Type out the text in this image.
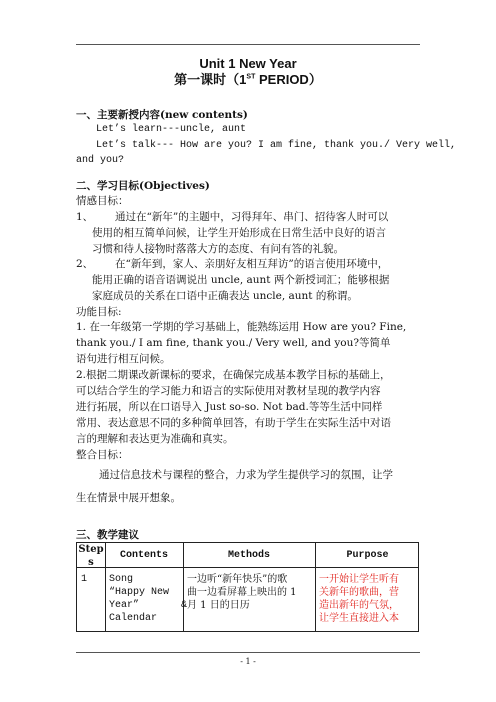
Unit 1 New Year
第一课时（1ST PERIOD）
一、主要新授内容(new contents)
Let’s learn---uncle, aunt
Let’s talk--- How are you? I am fine, thank you./ Very well,
and you?
二、学习目标(Objectives)
情感目标：
1、 通过在“新年”的主题中，习得拜年、串门、招待客人时可以
使用的相互简单问候，让学生开始形成在日常生活中良好的语言
习惯和待人接物时落落大方的态度、有问有答的礼貌。
2、 在“新年到，家人、亲朋好友相互拜访”的语言使用环境中，
能用正确的语音语调说出 uncle, aunt 两个新授词汇；能够根据
家庭成员的关系在口语中正确表达 uncle, aunt 的称谓。
功能目标:
1. 在一年级第一学期的学习基础上，能熟练运用 How are you? Fine,
thank you./ I am fine, thank you./ Very well, and you?等简单
语句进行相互问候。
2.根据二期课改新课标的要求，在确保完成基本教学目标的基础上，
可以结合学生的学习能力和语言的实际使用对教材呈现的教学内容
进行拓展，所以在口语导入 Just so-so. Not bad.等等生活中同样
常用、表达意思不同的多种简单回答，有助于学生在实际生活中对语
言的理解和表达更为准确和真实。
整合目标：
通过信息技术与课程的整合，力求为学生提供学习的氛围，让学
生在情景中展开想象。
三、教学建议
Step
s
Contents	Methods	Purpose
1 Song
“Happy New
Year”       &
Calendar
一边听“新年快乐”的歌
曲一边看屏幕上映出的 1
月 1 日的日历
一开始让学生听有
关新年的歌曲，营
造出新年的气氛，
让学生直接进入本
- 1 -
